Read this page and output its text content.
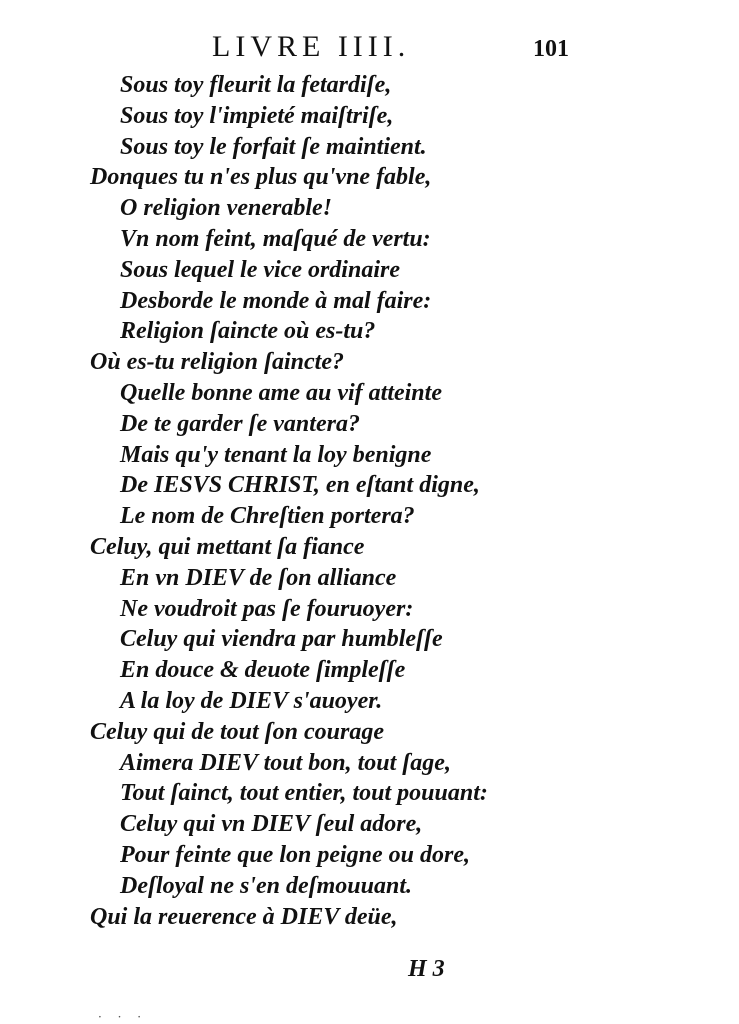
LIVRE IIII.	101
Sous toy fleurit la fetardiſe,
Sous toy l'impieté maiſtriſe,
Sous toy le forfait ſe maintient.
Donques tu n'es plus qu'vne fable,
O religion venerable!
Vn nom feint, maſqué de vertu:
Sous lequel le vice ordinaire
Desborde le monde à mal faire:
Religion ſaincte où es-tu?
Où es-tu religion ſaincte?
Quelle bonne ame au vif atteinte
De te garder ſe vantera?
Mais qu'y tenant la loy benigne
De IESVS CHRIST, en eſtant digne,
Le nom de Chreſtien portera?
Celuy, qui mettant ſa fiance
En vn DIEV de ſon alliance
Ne voudroit pas ſe fouruoyer:
Celuy qui viendra par humbleſſe
En douce & deuote ſimpleſſe
A la loy de DIEV s'auoyer.
Celuy qui de tout ſon courage
Aimera DIEV tout bon, tout ſage,
Tout ſainct, tout entier, tout pouuant:
Celuy qui vn DIEV ſeul adore,
Pour feinte que lon peigne ou dore,
Deſloyal ne s'en deſmouuant.
Qui la reuerence à DIEV deüe,
H 3
· · ·
